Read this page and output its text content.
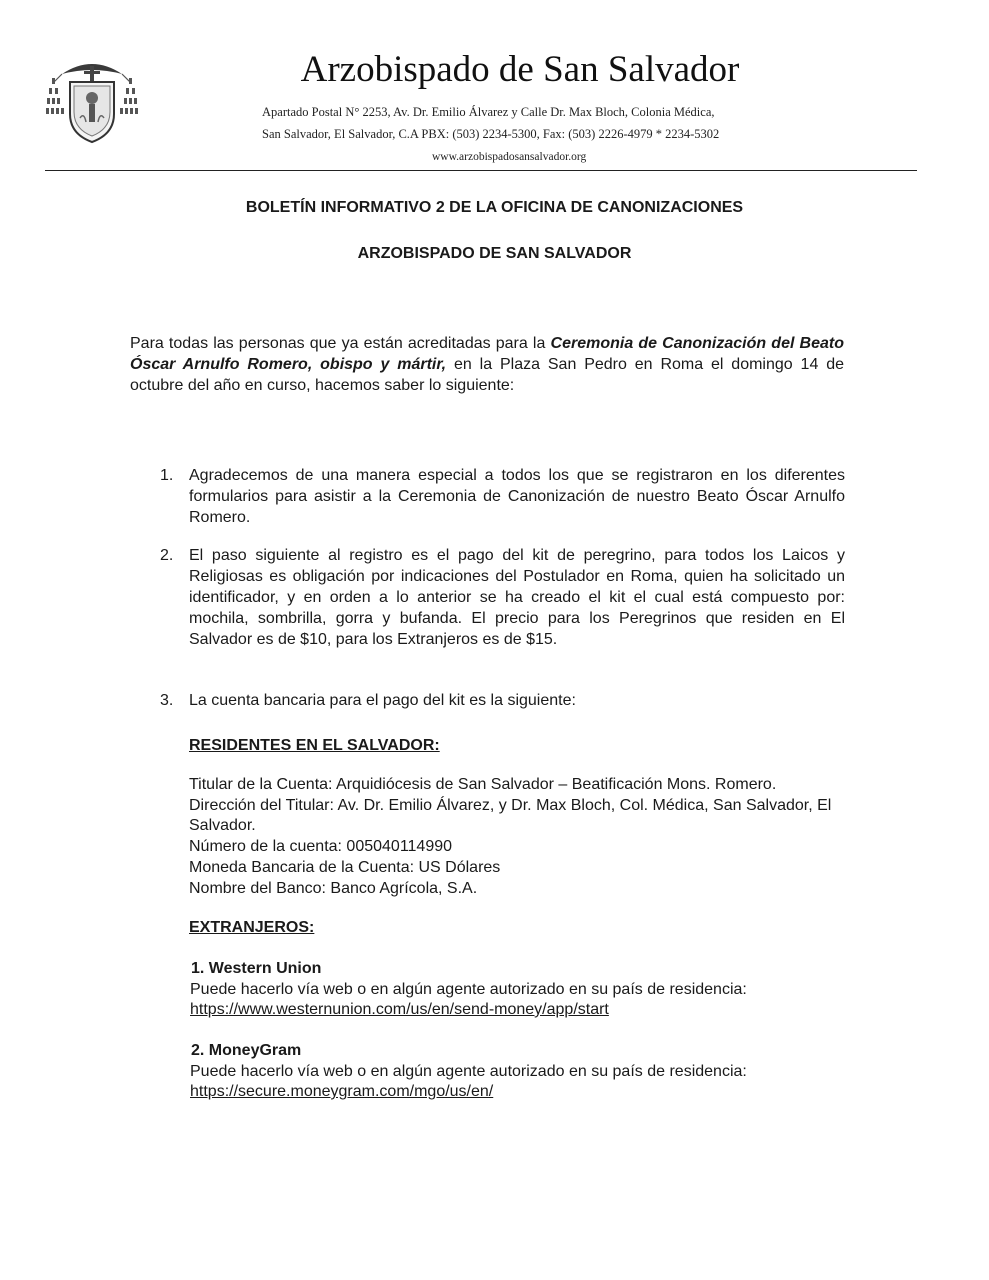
Arzobispado de San Salvador
Apartado Postal N° 2253, Av. Dr. Emilio Álvarez y Calle Dr. Max Bloch, Colonia Médica,
San Salvador, El Salvador, C.A PBX: (503) 2234-5300, Fax: (503) 2226-4979 * 2234-5302
www.arzobispadosansalvador.org
BOLETÍN INFORMATIVO 2 DE LA OFICINA DE CANONIZACIONES
ARZOBISPADO DE SAN SALVADOR
Para todas las personas que ya están acreditadas para la Ceremonia de Canonización del Beato Óscar Arnulfo Romero, obispo y mártir, en la Plaza San Pedro en Roma el domingo 14 de octubre del año en curso, hacemos saber lo siguiente:
1. Agradecemos de una manera especial a todos los que se registraron en los diferentes formularios para asistir a la Ceremonia de Canonización de nuestro Beato Óscar Arnulfo Romero.
2. El paso siguiente al registro es el pago del kit de peregrino, para todos los Laicos y Religiosas es obligación por indicaciones del Postulador en Roma, quien ha solicitado un identificador, y en orden a lo anterior se ha creado el kit el cual está compuesto por: mochila, sombrilla, gorra y bufanda. El precio para los Peregrinos que residen en El Salvador es de $10, para los Extranjeros es de $15.
3. La cuenta bancaria para el pago del kit es la siguiente:
RESIDENTES EN EL SALVADOR:
Titular de la Cuenta: Arquidiócesis de San Salvador – Beatificación Mons. Romero.
Dirección del Titular: Av. Dr. Emilio Álvarez, y Dr. Max Bloch, Col. Médica, San Salvador, El Salvador.
Número de la cuenta: 005040114990
Moneda Bancaria de la Cuenta: US Dólares
Nombre del Banco: Banco Agrícola, S.A.
EXTRANJEROS:
1. Western Union
Puede hacerlo vía web o en algún agente autorizado en su país de residencia:
https://www.westernunion.com/us/en/send-money/app/start
2. MoneyGram
Puede hacerlo vía web o en algún agente autorizado en su país de residencia:
https://secure.moneygram.com/mgo/us/en/
